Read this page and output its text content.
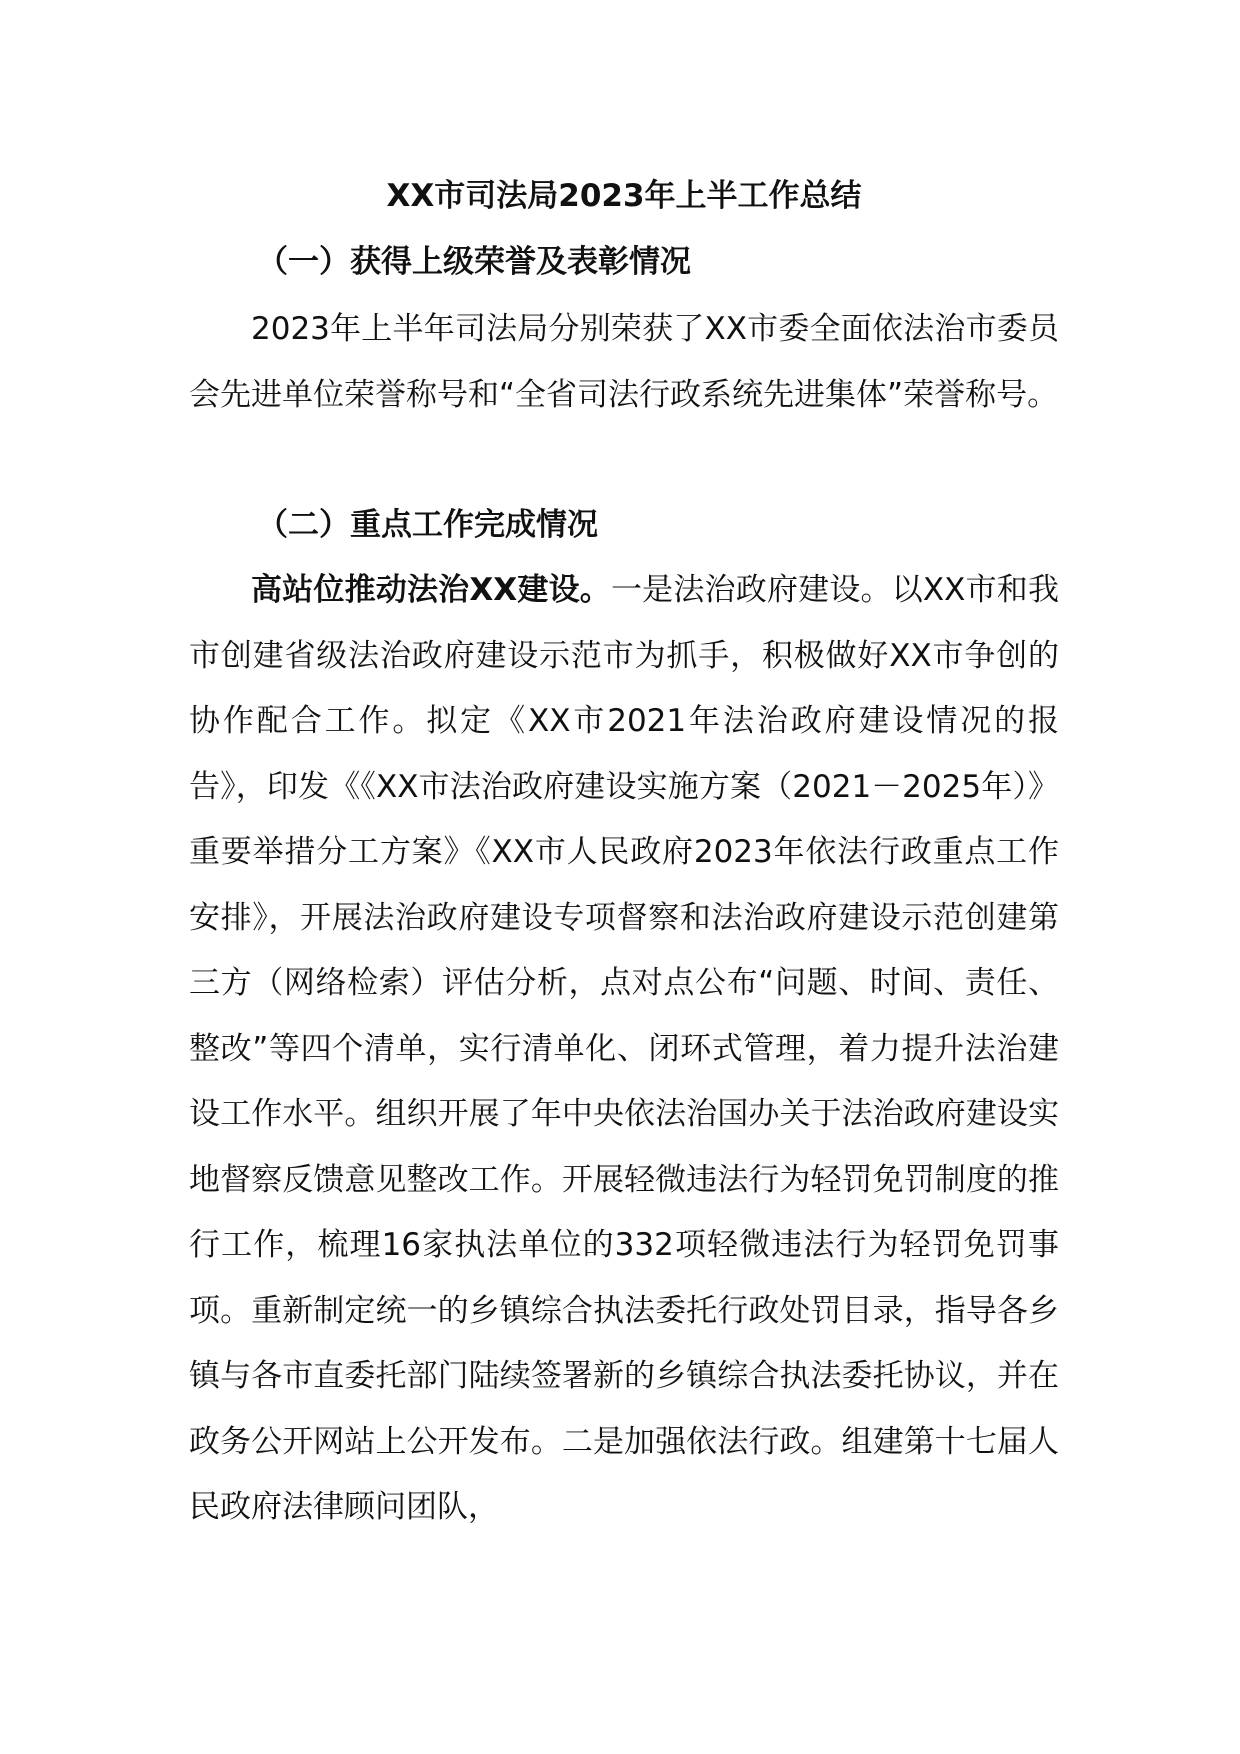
XX市司法局2023年上半工作总结
（一）获得上级荣誉及表彰情况

2023年上半年司法局分别荣获了XX市委全面依法治市委员会先进单位荣誉称号和“全省司法行政系统先进集体”荣誉称号。

（二）重点工作完成情况

高站位推动法治XX建设。一是法治政府建设。以XX市和我市创建省级法治政府建设示范市为抓手，积极做好XX市争创的协作配合工作。拟定《XX市2021年法治政府建设情况的报告》，印发《《XX市法治政府建设实施方案（2021－2025年）》重要举措分工方案》《XX市人民政府2023年依法行政重点工作安排》，开展法治政府建设专项督察和法治政府建设示范创建第三方（网络检索）评估分析，点对点公布“问题、时间、责任、整改”等四个清单，实行清单化、闭环式管理，着力提升法治建设工作水平。组织开展了年中央依法治国办关于法治政府建设实地督察反馈意见整改工作。开展轻微违法行为轻罚免罚制度的推行工作，梳理16家执法单位的332项轻微违法行为轻罚免罚事项。重新制定统一的乡镇综合执法委托行政处罚目录，指导各乡镇与各市直委托部门陆续签署新的乡镇综合执法委托协议，并在政务公开网站上公开发布。二是加强依法行政。组建第十七届人民政府法律顾问团队，
